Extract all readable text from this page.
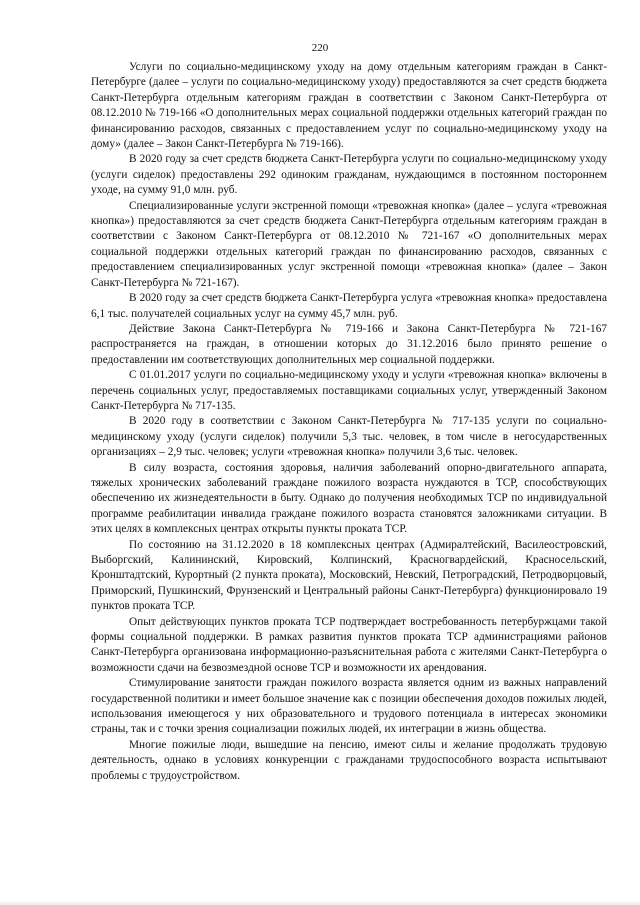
220

Услуги по социально-медицинскому уходу на дому отдельным категориям граждан в Санкт-Петербурге (далее – услуги по социально-медицинскому уходу) предоставляются за счет средств бюджета Санкт-Петербурга отдельным категориям граждан в соответствии с Законом Санкт-Петербурга от 08.12.2010 № 719-166 «О дополнительных мерах социальной поддержки отдельных категорий граждан по финансированию расходов, связанных с предоставлением услуг по социально-медицинскому уходу на дому» (далее – Закон Санкт-Петербурга № 719-166).

В 2020 году за счет средств бюджета Санкт-Петербурга услуги по социально-медицинскому уходу (услуги сиделок) предоставлены 292 одиноким гражданам, нуждающимся в постоянном постороннем уходе, на сумму 91,0 млн. руб.

Специализированные услуги экстренной помощи «тревожная кнопка» (далее – услуга «тревожная кнопка») предоставляются за счет средств бюджета Санкт-Петербурга отдельным категориям граждан в соответствии с Законом Санкт-Петербурга от 08.12.2010 № 721-167 «О дополнительных мерах социальной поддержки отдельных категорий граждан по финансированию расходов, связанных с предоставлением специализированных услуг экстренной помощи «тревожная кнопка» (далее – Закон Санкт-Петербурга № 721-167).

В 2020 году за счет средств бюджета Санкт-Петербурга услуга «тревожная кнопка» предоставлена 6,1 тыс. получателей социальных услуг на сумму 45,7 млн. руб.

Действие Закона Санкт-Петербурга № 719-166 и Закона Санкт-Петербурга № 721-167 распространяется на граждан, в отношении которых до 31.12.2016 было принято решение о предоставлении им соответствующих дополнительных мер социальной поддержки.

С 01.01.2017 услуги по социально-медицинскому уходу и услуги «тревожная кнопка» включены в перечень социальных услуг, предоставляемых поставщиками социальных услуг, утвержденный Законом Санкт-Петербурга № 717-135.

В 2020 году в соответствии с Законом Санкт-Петербурга № 717-135 услуги по социально-медицинскому уходу (услуги сиделок) получили 5,3 тыс. человек, в том числе в негосударственных организациях – 2,9 тыс. человек; услуги «тревожная кнопка» получили 3,6 тыс. человек.

В силу возраста, состояния здоровья, наличия заболеваний опорно-двигательного аппарата, тяжелых хронических заболеваний граждане пожилого возраста нуждаются в ТСР, способствующих обеспечению их жизнедеятельности в быту. Однако до получения необходимых ТСР по индивидуальной программе реабилитации инвалида граждане пожилого возраста становятся заложниками ситуации. В этих целях в комплексных центрах открыты пункты проката ТСР.

По состоянию на 31.12.2020 в 18 комплексных центрах (Адмиралтейский, Василеостровский, Выборгский, Калининский, Кировский, Колпинский, Красногвардейский, Красносельский, Кронштадтский, Курортный (2 пункта проката), Московский, Невский, Петроградский, Петродворцовый, Приморский, Пушкинский, Фрунзенский и Центральный районы Санкт-Петербурга) функционировало 19 пунктов проката ТСР.

Опыт действующих пунктов проката ТСР подтверждает востребованность петербуржцами такой формы социальной поддержки. В рамках развития пунктов проката ТСР администрациями районов Санкт-Петербурга организована информационно-разъяснительная работа с жителями Санкт-Петербурга о возможности сдачи на безвозмездной основе ТСР и возможности их арендования.

Стимулирование занятости граждан пожилого возраста является одним из важных направлений государственной политики и имеет большое значение как с позиции обеспечения доходов пожилых людей, использования имеющегося у них образовательного и трудового потенциала в интересах экономики страны, так и с точки зрения социализации пожилых людей, их интеграции в жизнь общества.

Многие пожилые люди, вышедшие на пенсию, имеют силы и желание продолжать трудовую деятельность, однако в условиях конкуренции с гражданами трудоспособного возраста испытывают проблемы с трудоустройством.
